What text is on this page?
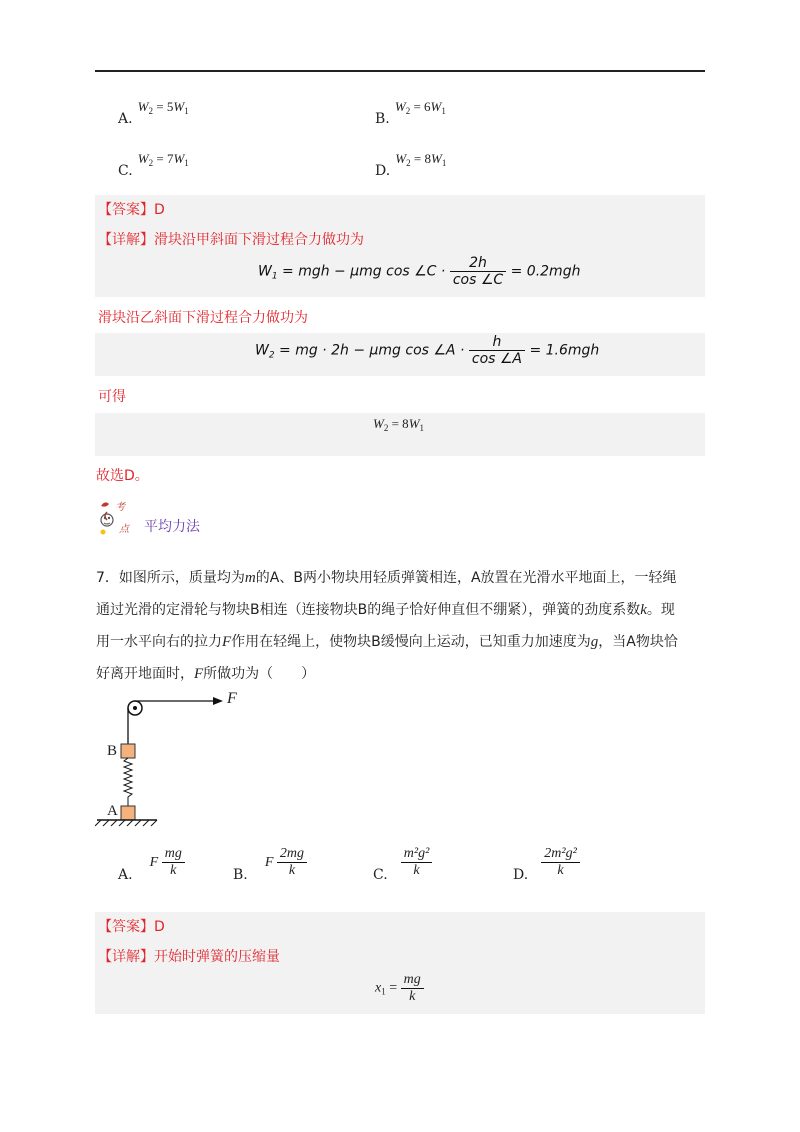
A. $W_2 = 5W_1$	B. $W_2 = 6W_1$
C. $W_2 = 7W_1$	D. $W_2 = 8W_1$
【答案】D
【详解】滑块沿甲斜面下滑过程合力做功为
$W_1$ = mgh − μmg cos ∠C · $\frac{2h}{\cos \angle C} = 0.2mgh$
滑块沿乙斜面下滑过程合力做功为
$W_2$ = mg · 2h − μmg cos ∠A · $\frac{h}{\cos \angle A} = 1.6mgh$
可得
$W_2 = 8W_1$
故选D。
考
点 平均力法
7．如图所示，质量均为m的A、B两小物块用轻质弹簧相连，A放置在光滑水平地面上，一轻绳
通过光滑的定滑轮与物块B相连（连接物块B的绳子恰好伸直但不绷紧），弹簧的劲度系数k。现
用一水平向右的拉力F作用在轻绳上，使物块B缓慢向上运动，已知重力加速度为g，当A物块恰
好离开地面时，F所做功为（　　）
F
B
A
A. F $\frac{mg}{k}$	B. F $\frac{2mg}{k}$	C. $\frac{\text{m²g²}}{k}$	D. $\frac{\text{2m²g²}}{k}$
【答案】D
【详解】开始时弹簧的压缩量
$x_1 = \frac{mg}{k}$
